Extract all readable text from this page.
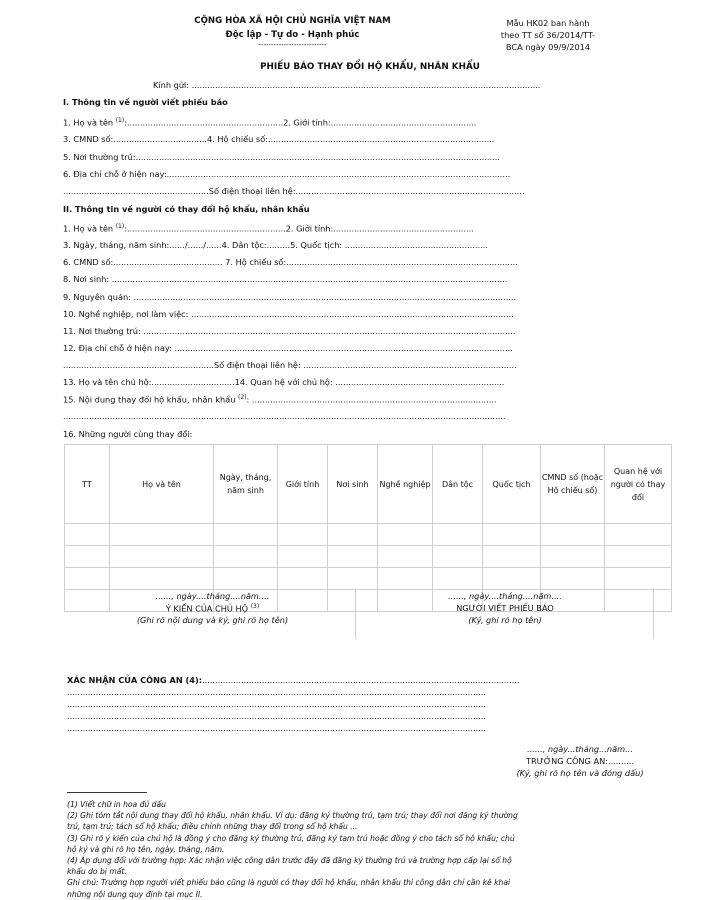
CỘNG HÒA XÃ HỘI CHỦ NGHĨA VIỆT NAM
Độc lập - Tự do - Hạnh phúc
---------------------------
Mẫu HK02 ban hành
theo TT số 36/2014/TT-
BCA ngày 09/9/2014
PHIẾU BÁO THAY ĐỔI HỘ KHẨU, NHÂN KHẨU
Kính gửi: ......................................................................................................................................
I. Thông tin về người viết phiếu báo
1. Họ và tên $^{(1)}$:............................................................2. Giới tính:........................................................
3. CMND số:....................................4. Hộ chiếu số:.......................................................................................
5. Nơi thường trú:............................................................................................................................................
6. Địa chỉ chỗ ở hiện nay:....................................................................................................................................
........................................................Số điện thoại liên hệ:........................................................................................
II. Thông tin về người có thay đổi hộ khẩu, nhân khẩu
1. Họ và tên $^{(1)}$:.............................................................2. Giới tính:......................................................
3. Ngày, tháng, năm sinh:....../....../......4. Dân tộc:.........5. Quốc tịch: .......................................................
6. CMND số:.......................................... 7. Hộ chiếu số:.........................................................................................
8. Nơi sinh: ........................................................................................................................................................
9. Nguyên quán: ...................................................................................................................................................
10. Nghề nghiệp, nơi làm việc: ............................................................................................................................
11. Nơi thường trú: ...............................................................................................................................................
12. Địa chỉ chỗ ở hiện nay: ..................................................................................................................................
..........................................................Số điện thoại liên hệ: ..................................................................................
13. Họ và tên chủ hộ:................................14. Quan hệ với chủ hộ: .................................................................
15. Nội dung thay đổi hộ khẩu, nhân khẩu $^{(2)}$: ..............................................................................................
..........................................................................................................................................................................
16. Những người cùng thay đổi:
TT	Họ và tên	Ngày, tháng, năm sinh	Giới tính	Nơi sinh	Nghề nghiệp	Dân tộc	Quốc tịch	CMND số (hoặc Hộ chiếu số)	Quan hệ với người có thay đổi

......, ngày....tháng....năm....
Ý KIẾN CỦA CHỦ HỘ $^{(3)}$
(Ghi rõ nội dung và ký, ghi rõ họ tên)
......, ngày....tháng....năm....
NGƯỜI VIẾT PHIẾU BÁO
(Ký, ghi rõ họ tên)
XÁC NHẬN CỦA CÔNG AN (4):..........................................................................................................................
.................................................................................................................................................................
.................................................................................................................................................................
.................................................................................................................................................................
.................................................................................................................................................................
......, ngày...tháng...năm...
TRƯỞNG CÔNG AN:..........
(Ký, ghi rõ họ tên và đóng dấu)
(1) Viết chữ in hoa đủ dấu
(2) Ghi tóm tắt nội dung thay đổi hộ khẩu, nhân khẩu. Ví dụ: đăng ký thường trú, tạm trú; thay đổi nơi đăng ký thường
trú, tạm trú; tách sổ hộ khẩu; điều chỉnh những thay đổi trong sổ hộ khẩu ...
(3) Ghi rõ ý kiến của chủ hộ là đồng ý cho đăng ký thường trú, đăng ký tạm trú hoặc đồng ý cho tách sổ hộ khẩu; chủ
hộ ký và ghi rõ họ tên, ngày, tháng, năm.
(4) Áp dụng đối với trường hợp: Xác nhận việc công dân trước đây đã đăng ký thường trú và trường hợp cấp lại sổ hộ
khẩu do bị mất.
Ghi chú: Trường hợp người viết phiếu báo cũng là người có thay đổi hộ khẩu, nhân khẩu thì công dân chỉ cần kê khai
những nội dung quy định tại mục II.
